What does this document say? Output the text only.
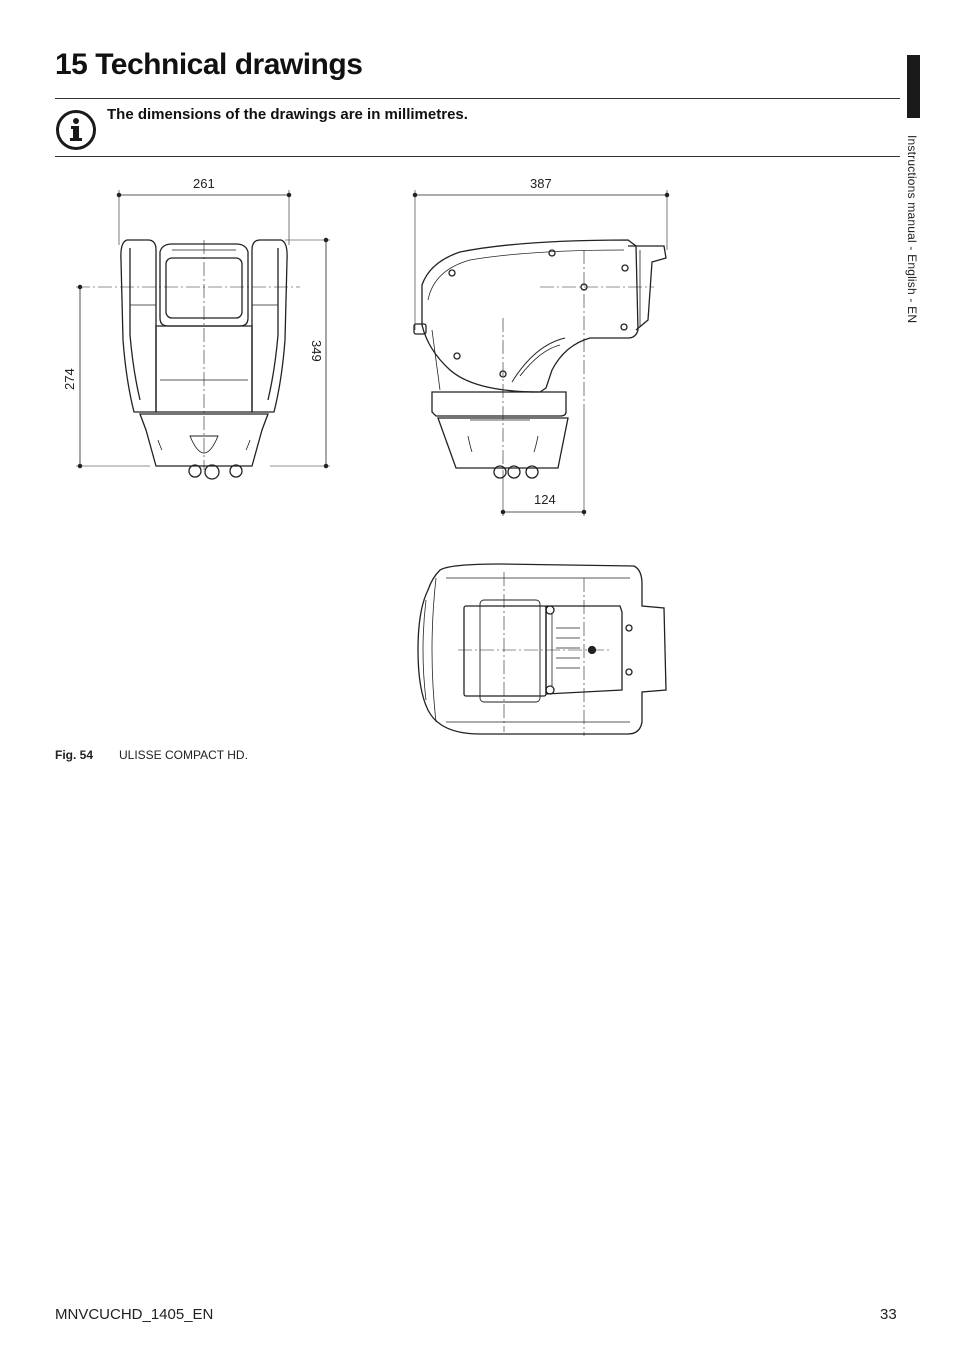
15 Technical drawings
Instructions manual - English - EN
The dimensions of the drawings are in millimetres.
261
349
274
387
124
Fig. 54 ULISSE COMPACT HD.
MNVCUCHD_1405_EN	33
